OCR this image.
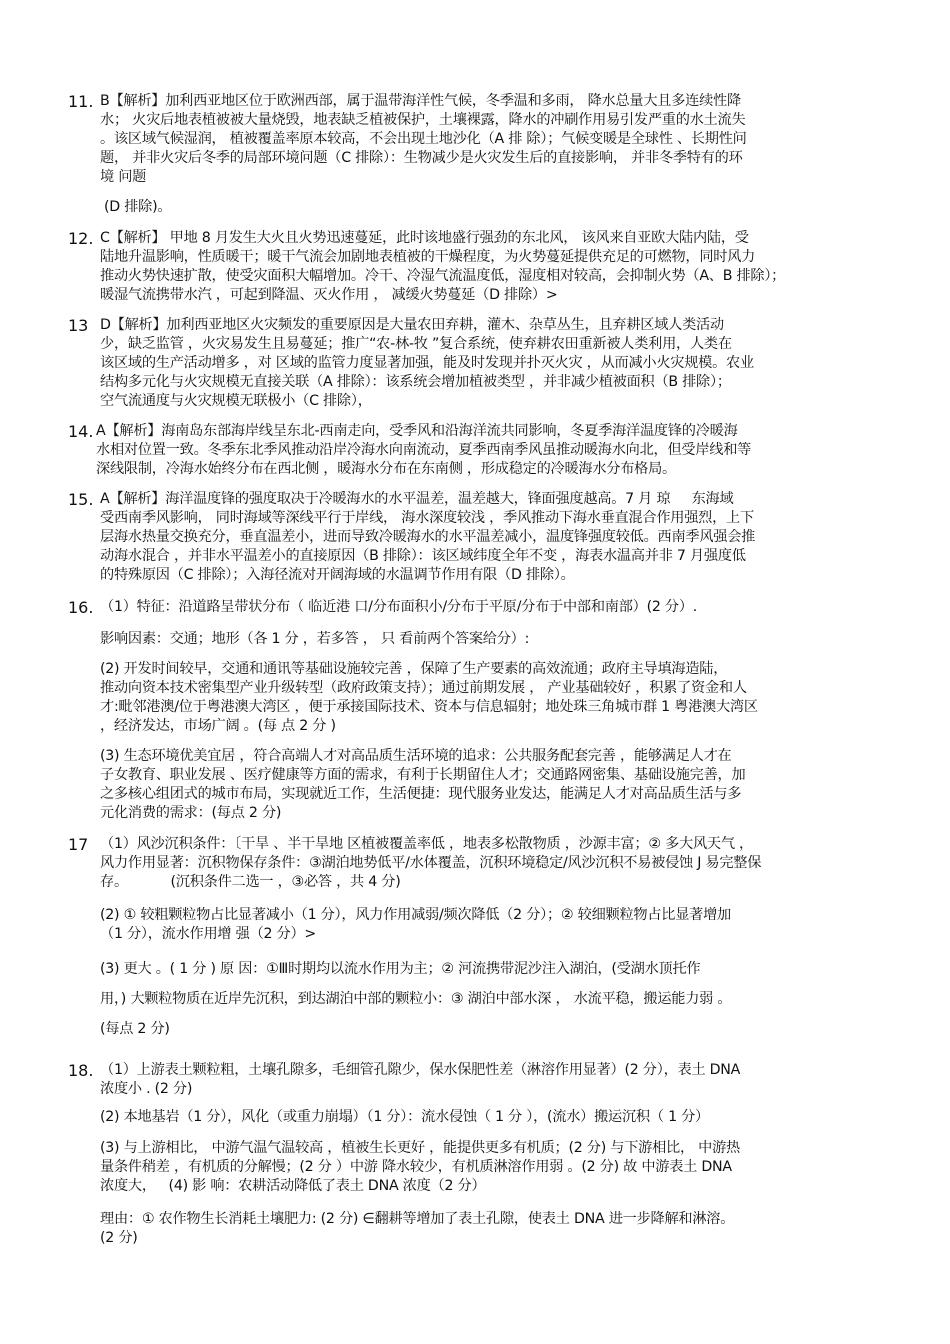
11. B【解析】加利西亚地区位于欧洲西部，属于温带海洋性气候，冬季温和多雨， 降水总量大且多连续性降
水； 火灾后地表植被被大量烧毁，地表缺乏植被保护，土壤裸露，降水的冲刷作用易引发严重的水土流失
。该区域气候湿润， 植被覆盖率原本较高，不会出现土地沙化（A 排 除）；气候变暖是全球性 、长期性问
题， 并非火灾后冬季的局部环境问题（C 排除）：生物减少是火灾发生后的直接影响， 并非冬季特有的环
境 问题
(D 排除)。
12. C【解析】 甲地 8 月发生大火且火势迅速蔓延，此时该地盛行强劲的东北风， 该风来自亚欧大陆内陆，受
陆地升温影响，性质暖干；暖干气流会加剧地表植被的干燥程度，为火势蔓延提供充足的可燃物，同时风力
推动火势快速扩散，使受灾面积大幅增加。冷干、冷湿气流温度低，湿度相对较高，会抑制火势（A、B 排除）；
暖湿气流携带水汽 ，可起到降温、灭火作用 ， 减缓火势蔓延（D 排除）>
13 D【解析】加利西亚地区火灾频发的重要原因是大量农田弃耕，灌木、杂草丛生，且弃耕区域人类活动
少，缺乏监管 ，火灾易发生且易蔓延；推广“农-林-牧 ”复合系统，使弃耕农田重新被人类利用，人类在
该区域的生产活动增多 ，对 区域的监管力度显著加强，能及时发现并扑灭火灾 ，从而减小火灾规模。农业
结构多元化与火灾规模无直接关联（A 排除）：该系统会增加植被类型 ，并非减少植被面积（B 排除）；
空气流通度与火灾规模无联极小（C 排除），
14. A【解析】海南岛东部海岸线呈东北-西南走向，受季风和沿海洋流共同影响，冬夏季海洋温度锋的冷暖海
水相对位置一致。冬季东北季风推动沿岸冷海水向南流动，夏季西南季风虽推动暖海水向北，但受岸线和等
深线限制，冷海水始终分布在西北侧 ，暖海水分布在东南侧 ，形成稳定的冷暖海水分布格局。
15. A【解析】海洋温度锋的强度取决于冷暖海水的水平温差，温差越大，锋面强度越高。7 月 琼     东海域
受西南季风影响， 同时海域等深线平行于岸线， 海水深度较浅 ，季风推动下海水垂直混合作用强烈，上下
层海水热量交换充分，垂直温差小，进而导致冷暖海水的水平温差减小，温度锋强度较低。西南季风强会推
动海水混合 ，并非水平温差小的直接原因（B 排除）：该区域纬度全年不变 ，海表水温高并非 7 月强度低
的特殊原因（C 排除）；入海径流对开阔海域的水温调节作用有限（D 排除）。
16. （1）特征：沿道路呈带状分布（ 临近港 口/分布面积小/分布于平原/分布于中部和南部）(2 分）.
影响因素：交通；地形（各 1 分 ，若多答 ， 只 看前两个答案给分）:
(2) 开发时间较早，交通和通讯等基础设施较完善 ，保障了生产要素的高效流通；政府主导填海造陆，
推动向资本技术密集型产业升级转型（政府政策支持）；通过前期发展 ， 产业基础较好 ，积累了资金和人
才:毗邻港澳/位于粤港澳大湾区 ，便于承接国际技术、资本与信息辐射；地处珠三角城市群 1 粤港澳大湾区
，经济发达，市场广阔 。(每 点 2 分 )
(3) 生态环境优美宜居 ，符合高端人才对高品质生活环境的追求：公共服务配套完善 ，能够满足人才在
子女教育、职业发展 、医疗健康等方面的需求，有利于长期留住人才；交通路网密集、基础设施完善，加
之多核心组团式的城市布局，实现就近工作，生活便捷：现代服务业发达，能满足人才对高品质生活与多
元化消费的需求：(每点 2 分)
17 （1）风沙沉积条件：〔干旱 、半干旱地 区植被覆盖率低 ，地表多松散物质 ，沙源丰富；② 多大风天气 ，
风力作用显著：沉积物保存条件：③湖泊地势低平/水体覆盖，沉积环境稳定/风沙沉积不易被侵蚀 J 易完整保
存。          (沉积条件二选一 ，③必答 ，共 4 分)
(2) ① 较粗颗粒物占比显著减小（1 分），风力作用减弱/频次降低（2 分）；② 较细颗粒物占比显著增加
（1 分），流水作用增 强（2 分）>
(3) 更大 。( 1 分 ) 原 因：①Ⅲ时期均以流水作用为主；② 河流携带泥沙注入湖泊，(受湖水顶托作
用，) 大颗粒物质在近岸先沉积，到达湖泊中部的颗粒小：③ 湖泊中部水深 ， 水流平稳，搬运能力弱 。
(每点 2 分)
18. （1）上游表土颗粒粗，土壤孔隙多，毛细管孔隙少，保水保肥性差（淋溶作用显著）(2 分），表土 DNA
浓度小 . (2 分)
(2) 本地基岩（1 分），风化（或重力崩塌）（1 分）：流水侵蚀（ 1 分 ），(流水）搬运沉积（ 1 分）
(3) 与上游相比， 中游气温气温较高 ，植被生长更好 ，能提供更多有机质；(2 分) 与下游相比， 中游热
量条件稍差 ，有机质的分解慢；(2 分 ）中游 降水较少，有机质淋溶作用弱 。(2 分) 故 中游表土 DNA
浓度大，   (4) 影 响：农耕活动降低了表土 DNA 浓度（2 分）
理由：① 农作物生长消耗土壤肥力: (2 分) ∈翻耕等增加了表土孔隙，使表土 DNA 进一步降解和淋溶。
(2 分)
